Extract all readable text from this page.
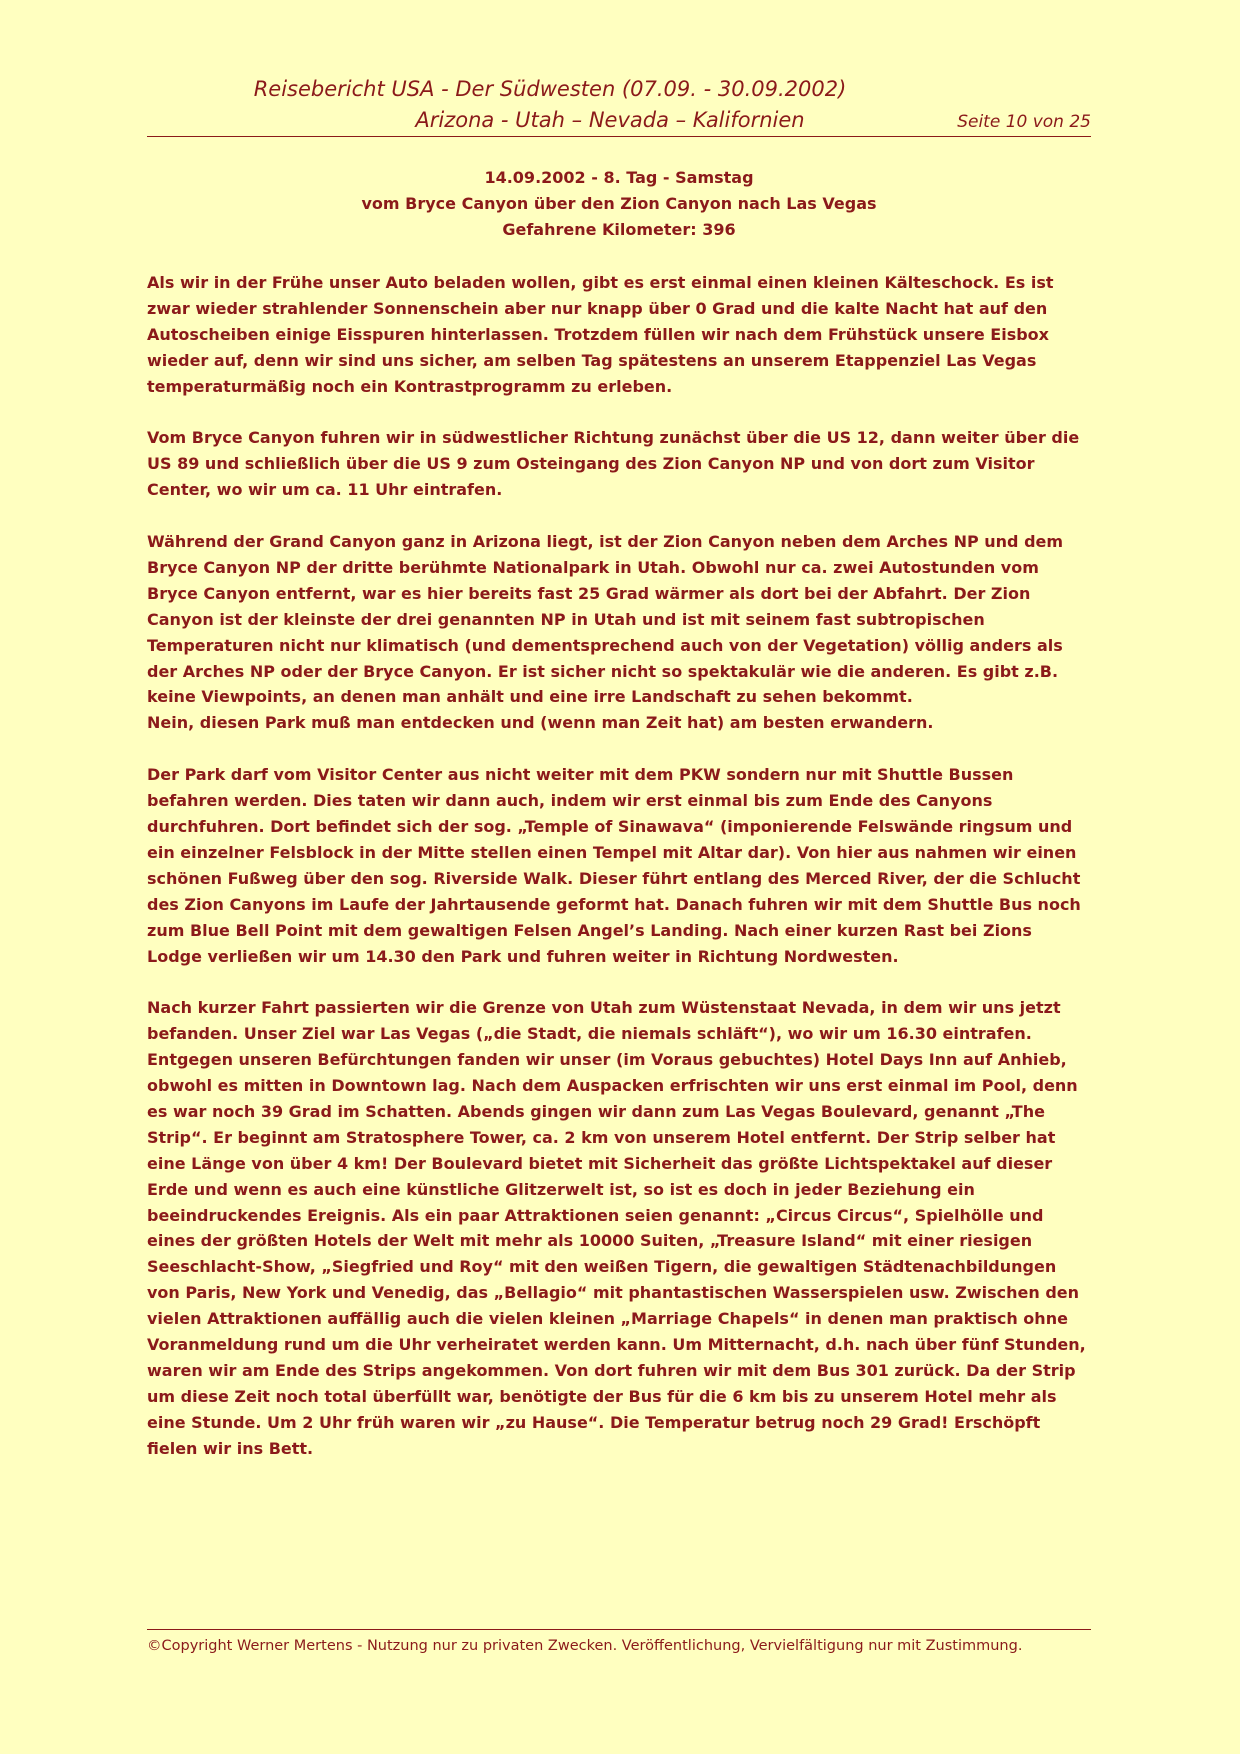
Reisebericht USA - Der Südwesten (07.09. - 30.09.2002)
Arizona - Utah – Nevada – Kalifornien	Seite 10 von 25
14.09.2002 - 8. Tag - Samstag
vom Bryce Canyon über den Zion Canyon nach Las Vegas
Gefahrene Kilometer: 396

Als wir in der Frühe unser Auto beladen wollen, gibt es erst einmal einen kleinen Kälteschock. Es ist zwar wieder strahlender Sonnenschein aber nur knapp über 0 Grad und die kalte Nacht hat auf den Autoscheiben einige Eisspuren hinterlassen. Trotzdem füllen wir nach dem Frühstück unsere Eisbox wieder auf, denn wir sind uns sicher, am selben Tag spätestens an unserem Etappenziel Las Vegas temperaturmäßig noch ein Kontrastprogramm zu erleben.

Vom Bryce Canyon fuhren wir in südwestlicher Richtung zunächst über die US 12, dann weiter über die US 89 und schließlich über die US 9 zum Osteingang des Zion Canyon NP und von dort zum Visitor Center, wo wir um ca. 11 Uhr eintrafen.

Während der Grand Canyon ganz in Arizona liegt, ist der Zion Canyon neben dem Arches NP und dem Bryce Canyon NP der dritte berühmte Nationalpark in Utah. Obwohl nur ca. zwei Autostunden vom Bryce Canyon entfernt, war es hier bereits fast 25 Grad wärmer als dort bei der Abfahrt. Der Zion Canyon ist der kleinste der drei genannten NP in Utah und ist mit seinem fast subtropischen Temperaturen nicht nur klimatisch (und dementsprechend auch von der Vegetation) völlig anders als der Arches NP oder der Bryce Canyon. Er ist sicher nicht so spektakulär wie die anderen. Es gibt z.B. keine Viewpoints, an denen man anhält und eine irre Landschaft zu sehen bekommt.
Nein, diesen Park muß man entdecken und (wenn man Zeit hat) am besten erwandern.

Der Park darf vom Visitor Center aus nicht weiter mit dem PKW sondern nur mit Shuttle Bussen befahren werden. Dies taten wir dann auch, indem wir erst einmal bis zum Ende des Canyons durchfuhren. Dort befindet sich der sog. „Temple of Sinawava“ (imponierende Felswände ringsum und ein einzelner Felsblock in der Mitte stellen einen Tempel mit Altar dar). Von hier aus nahmen wir einen schönen Fußweg über den sog. Riverside Walk. Dieser führt entlang des Merced River, der die Schlucht des Zion Canyons im Laufe der Jahrtausende geformt hat. Danach fuhren wir mit dem Shuttle Bus noch zum Blue Bell Point mit dem gewaltigen Felsen Angel’s Landing. Nach einer kurzen Rast bei Zions Lodge verließen wir um 14.30 den Park und fuhren weiter in Richtung Nordwesten.

Nach kurzer Fahrt passierten wir die Grenze von Utah zum Wüstenstaat Nevada, in dem wir uns jetzt befanden. Unser Ziel war Las Vegas („die Stadt, die niemals schläft“), wo wir um 16.30 eintrafen. Entgegen unseren Befürchtungen fanden wir unser (im Voraus gebuchtes) Hotel Days Inn auf Anhieb, obwohl es mitten in Downtown lag. Nach dem Auspacken erfrischten wir uns erst einmal im Pool, denn es war noch 39 Grad im Schatten. Abends gingen wir dann zum Las Vegas Boulevard, genannt „The Strip“. Er beginnt am Stratosphere Tower, ca. 2 km von unserem Hotel entfernt. Der Strip selber hat eine Länge von über 4 km! Der Boulevard bietet mit Sicherheit das größte Lichtspektakel auf dieser Erde und wenn es auch eine künstliche Glitzerwelt ist, so ist es doch in jeder Beziehung ein beeindruckendes Ereignis. Als ein paar Attraktionen seien genannt: „Circus Circus“, Spielhölle und eines der größten Hotels der Welt mit mehr als 10000 Suiten, „Treasure Island“ mit einer riesigen Seeschlacht-Show, „Siegfried und Roy“ mit den weißen Tigern, die gewaltigen Städtenachbildungen von Paris, New York und Venedig, das „Bellagio“ mit phantastischen Wasserspielen usw. Zwischen den vielen Attraktionen auffällig auch die vielen kleinen „Marriage Chapels“ in denen man praktisch ohne Voranmeldung rund um die Uhr verheiratet werden kann. Um Mitternacht, d.h. nach über fünf Stunden, waren wir am Ende des Strips angekommen. Von dort fuhren wir mit dem Bus 301 zurück. Da der Strip um diese Zeit noch total überfüllt war, benötigte der Bus für die 6 km bis zu unserem Hotel mehr als eine Stunde. Um 2 Uhr früh waren wir „zu Hause“. Die Temperatur betrug noch 29 Grad! Erschöpft fielen wir ins Bett.

©Copyright Werner Mertens - Nutzung nur zu privaten Zwecken. Veröffentlichung, Vervielfältigung nur mit Zustimmung.
